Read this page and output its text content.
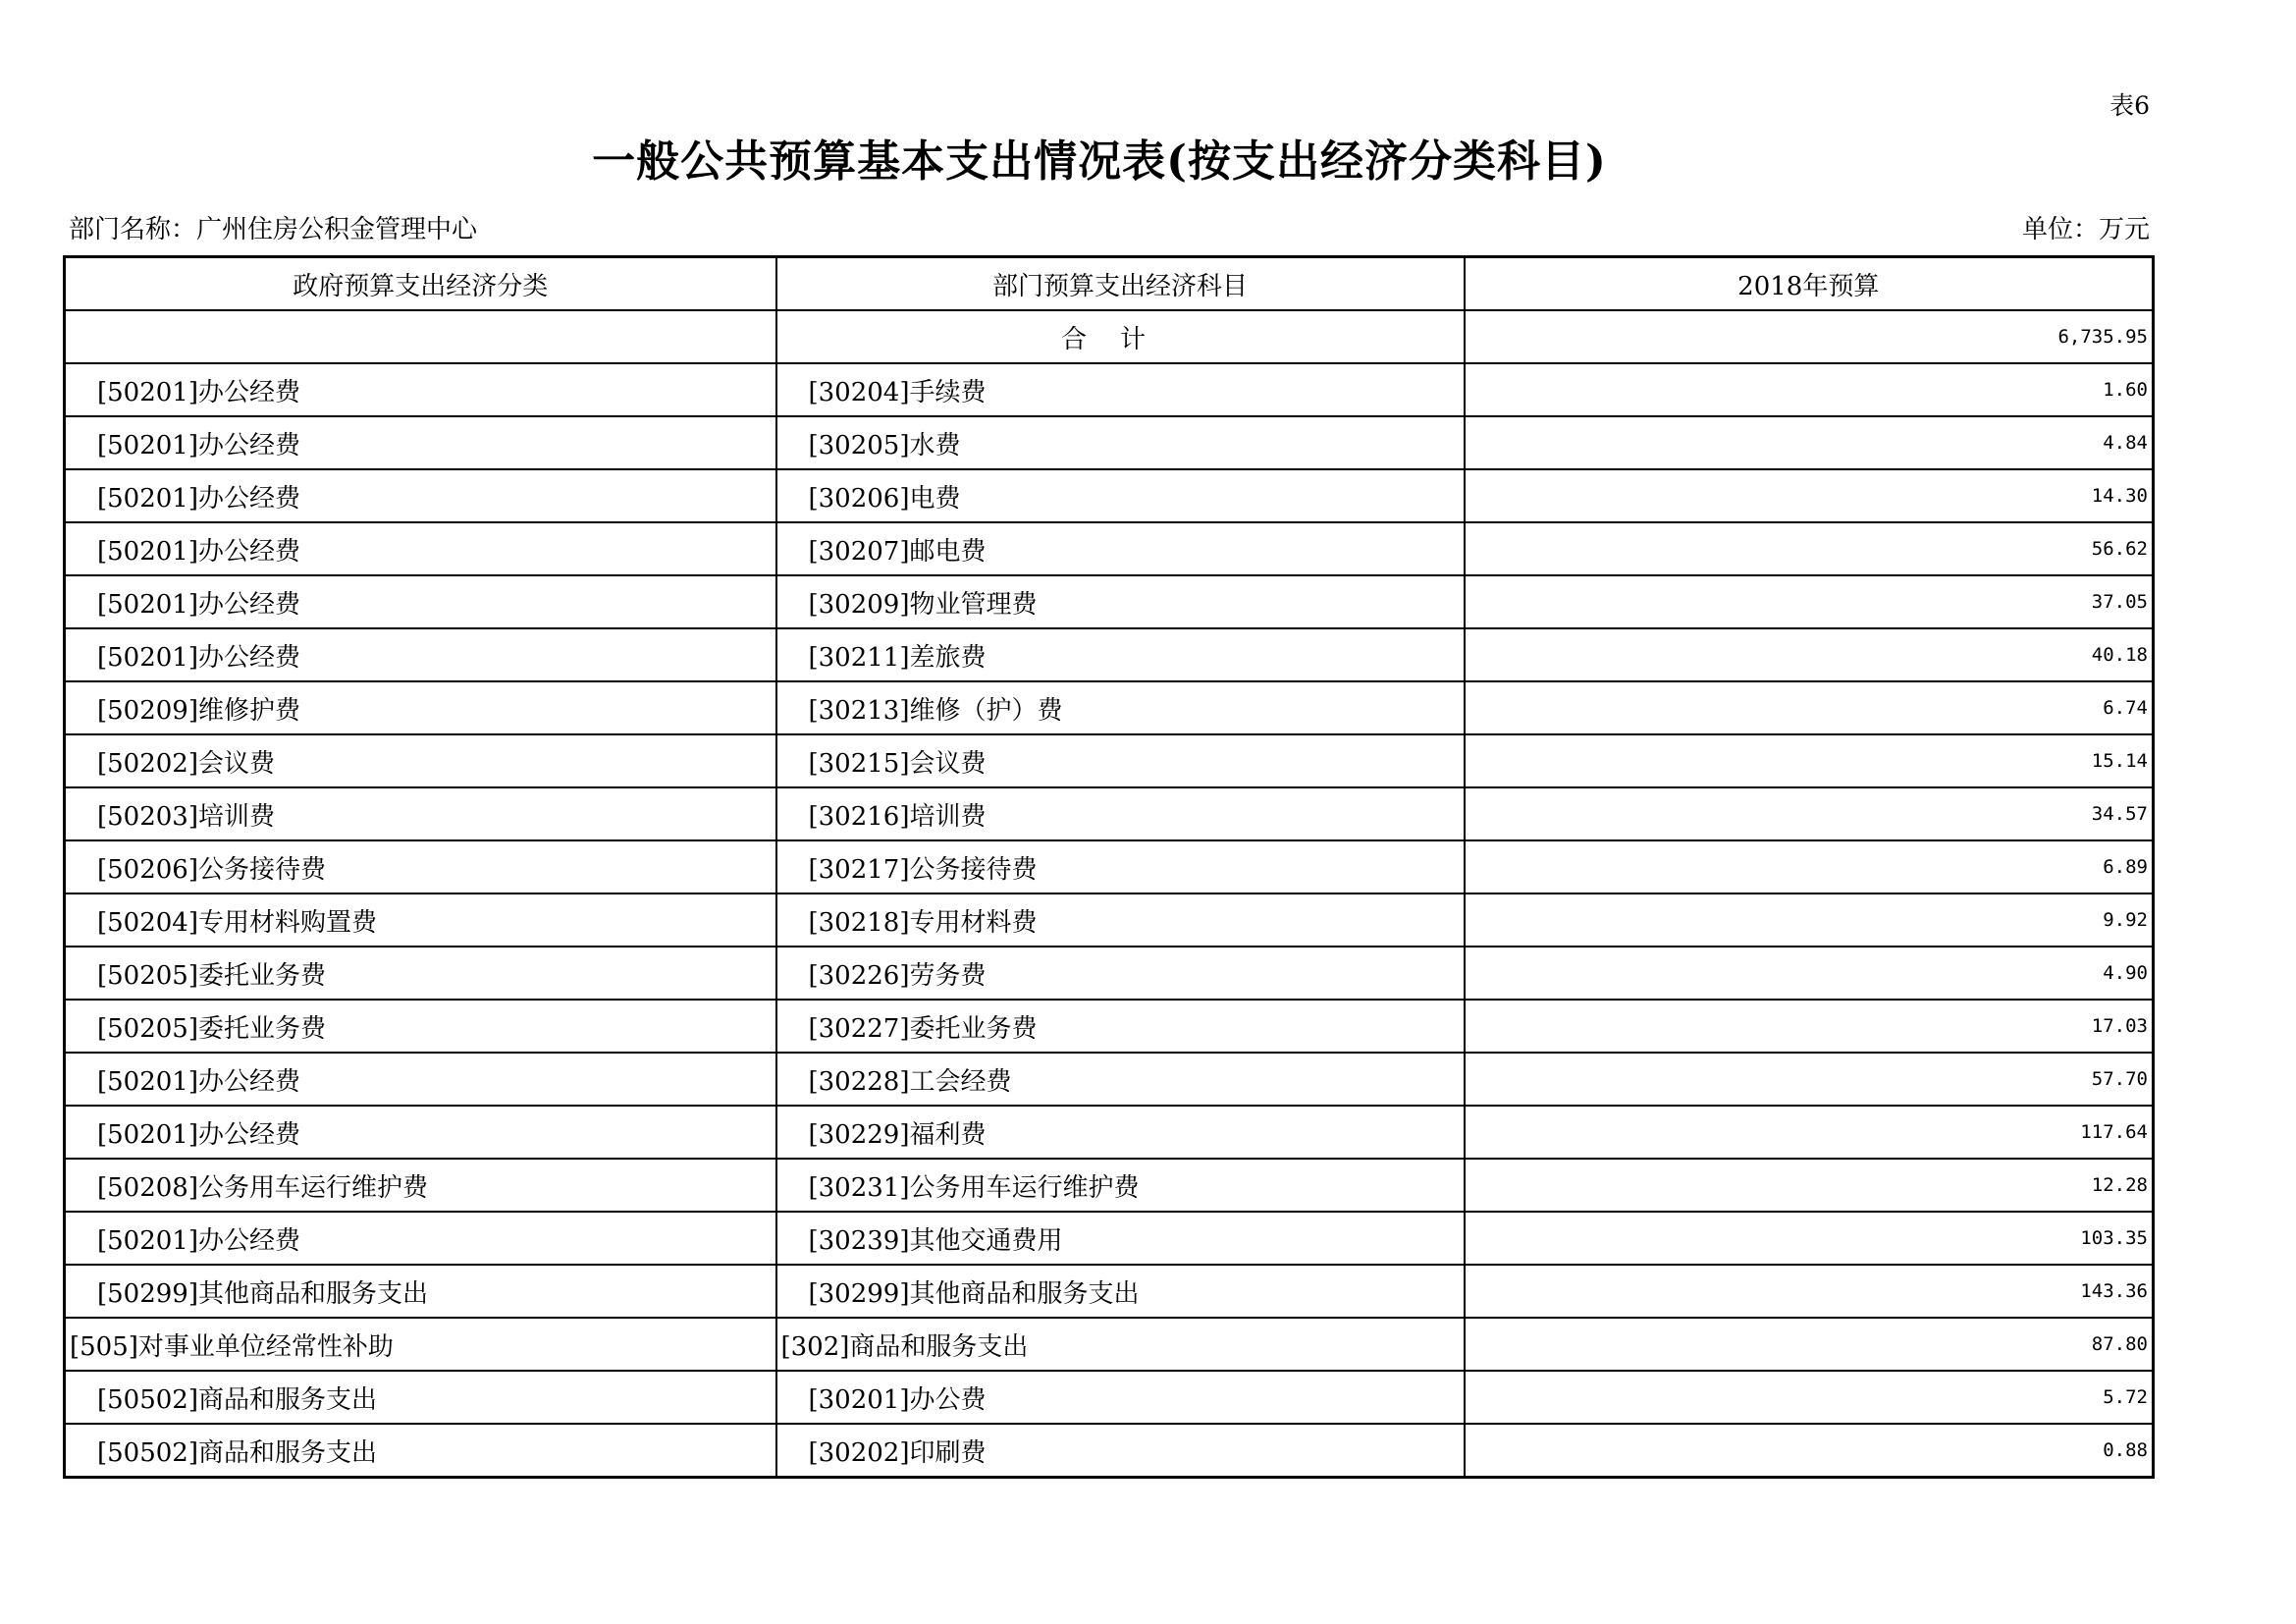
表6
一般公共预算基本支出情况表(按支出经济分类科目)
部门名称：广州住房公积金管理中心	单位：万元
政府预算支出经济分类	部门预算支出经济科目	2018年预算
	合计	6,735.95
[50201]办公经费	[30204]手续费	1.60
[50201]办公经费	[30205]水费	4.84
[50201]办公经费	[30206]电费	14.30
[50201]办公经费	[30207]邮电费	56.62
[50201]办公经费	[30209]物业管理费	37.05
[50201]办公经费	[30211]差旅费	40.18
[50209]维修护费	[30213]维修（护）费	6.74
[50202]会议费	[30215]会议费	15.14
[50203]培训费	[30216]培训费	34.57
[50206]公务接待费	[30217]公务接待费	6.89
[50204]专用材料购置费	[30218]专用材料费	9.92
[50205]委托业务费	[30226]劳务费	4.90
[50205]委托业务费	[30227]委托业务费	17.03
[50201]办公经费	[30228]工会经费	57.70
[50201]办公经费	[30229]福利费	117.64
[50208]公务用车运行维护费	[30231]公务用车运行维护费	12.28
[50201]办公经费	[30239]其他交通费用	103.35
[50299]其他商品和服务支出	[30299]其他商品和服务支出	143.36
[505]对事业单位经常性补助	[302]商品和服务支出	87.80
[50502]商品和服务支出	[30201]办公费	5.72
[50502]商品和服务支出	[30202]印刷费	0.88
